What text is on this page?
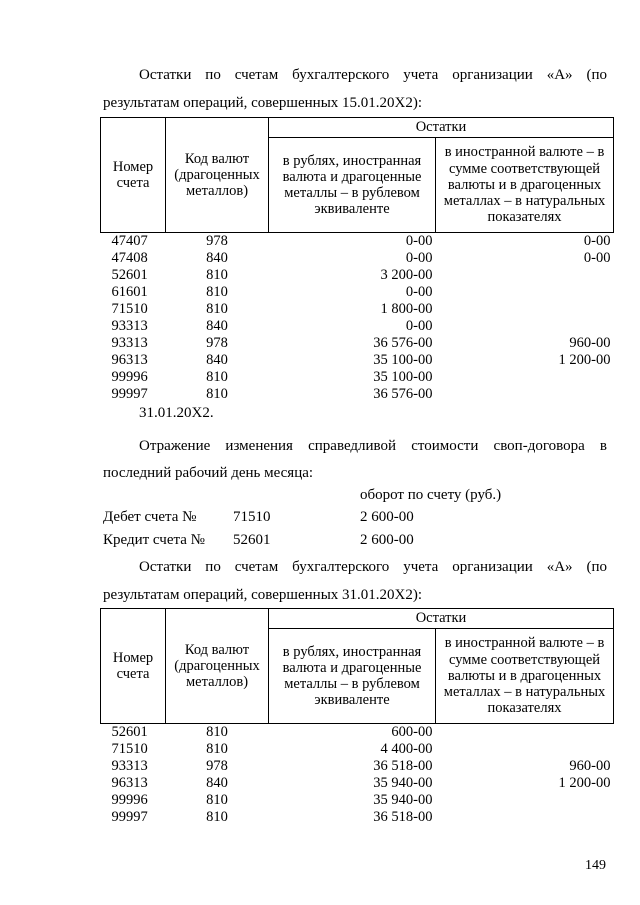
Остатки по счетам бухгалтерского учета организации «А» (по

результатам операций, совершенных 15.01.20Х2):

Номер счета	Код валют (драгоценных металлов)	Остатки	
		в рублях, иностранная валюта и драгоценные металлы – в рублевом эквиваленте	в иностранной валюте – в сумме соответствующей валюты и в драгоценных металлах – в натуральных показателях
47407	978	0-00	0-00
47408	840	0-00	0-00
52601	810	3 200-00	
61601	810	0-00	
71510	810	1 800-00	
93313	840	0-00	
93313	978	36 576-00	960-00
96313	840	35 100-00	1 200-00
99996	810	35 100-00	
99997	810	36 576-00	

31.01.20Х2.

Отражение изменения справедливой стоимости своп-договора в

последний рабочий день месяца:

оборот по счету (руб.)
Дебет счета № 71510	2 600-00
Кредит счета № 52601	2 600-00

Остатки по счетам бухгалтерского учета организации «А» (по

результатам операций, совершенных 31.01.20Х2):

Номер счета	Код валют (драгоценных металлов)	Остатки	
		в рублях, иностранная валюта и драгоценные металлы – в рублевом эквиваленте	в иностранной валюте – в сумме соответствующей валюты и в драгоценных металлах – в натуральных показателях
52601	810	600-00	
71510	810	4 400-00	
93313	978	36 518-00	960-00
96313	840	35 940-00	1 200-00
99996	810	35 940-00	
99997	810	36 518-00	
149
